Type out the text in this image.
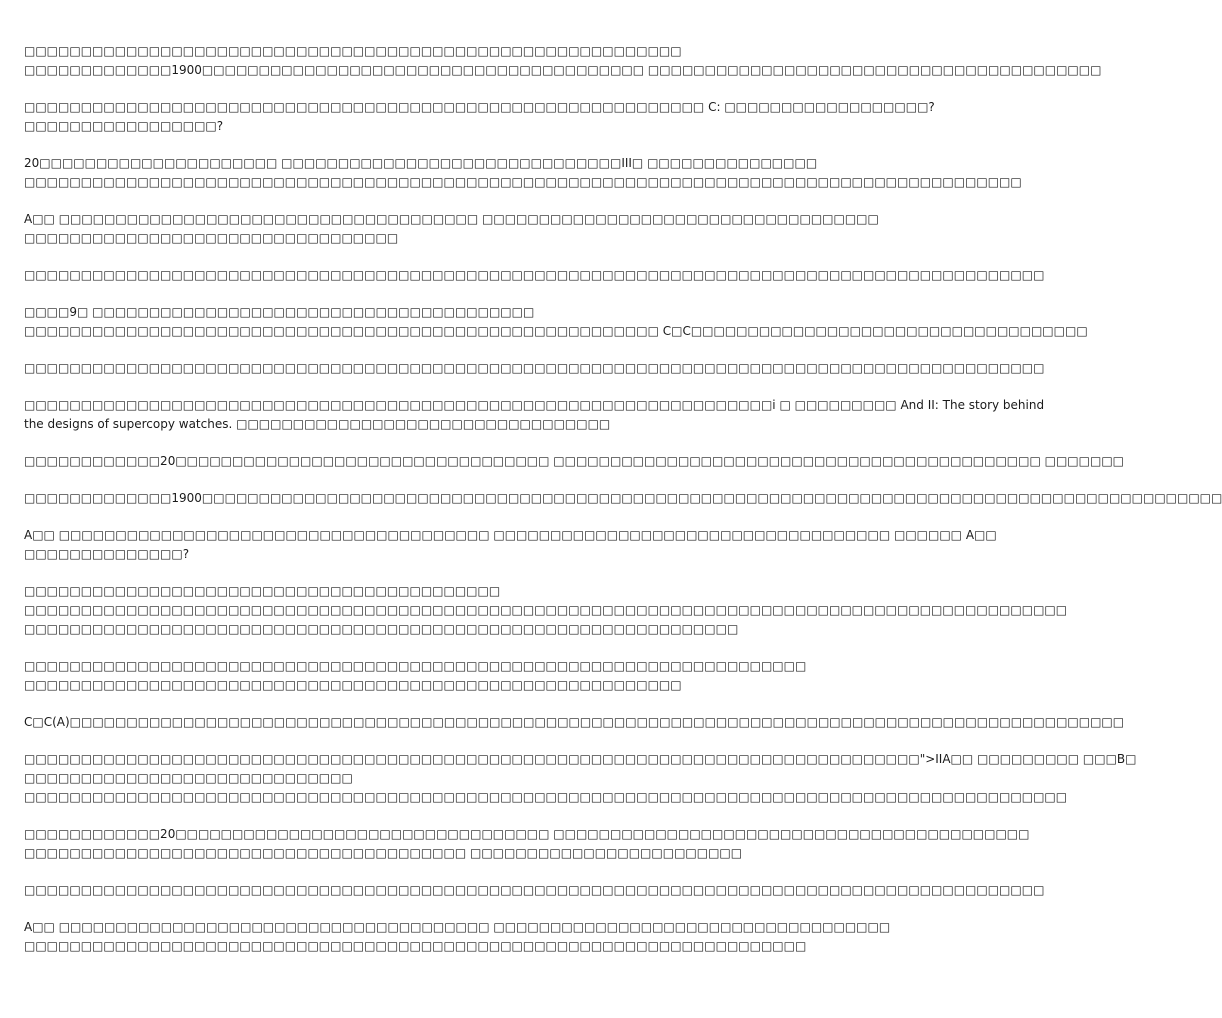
□□□□□□□□□□□□□□□□□□□□□□□□□□□□□□□□□□□□□□□□□□□□□□□□□□□□□□□□□□
□□□□□□□□□□□□□1900□□□□□□□□□□□□□□□□□□□□□□□□□□□□□□□□□□□□□□□ □□□□□□□□□□□□□□□□□□□□□□□□□□□□□□□□□□□□□□□□

□□□□□□□□□□□□□□□□□□□□□□□□□□□□□□□□□□□□□□□□□□□□□□□□□□□□□□□□□□□□ C: □□□□□□□□□□□□□□□□□□?
□□□□□□□□□□□□□□□□□?

20□□□□□□□□□□□□□□□□□□□□□ □□□□□□□□□□□□□□□□□□□□□□□□□□□□□□III□ □□□□□□□□□□□□□□□
□□□□□□□□□□□□□□□□□□□□□□□□□□□□□□□□□□□□□□□□□□□□□□□□□□□□□□□□□□□□□□□□□□□□□□□□□□□□□□□□□□□□□□□□

A□□ □□□□□□□□□□□□□□□□□□□□□□□□□□□□□□□□□□□□□ □□□□□□□□□□□□□□□□□□□□□□□□□□□□□□□□□□□
□□□□□□□□□□□□□□□□□□□□□□□□□□□□□□□□□

□□□□□□□□□□□□□□□□□□□□□□□□□□□□□□□□□□□□□□□□□□□□□□□□□□□□□□□□□□□□□□□□□□□□□□□□□□□□□□□□□□□□□□□□□□

□□□□9□ □□□□□□□□□□□□□□□□□□□□□□□□□□□□□□□□□□□□□□□
□□□□□□□□□□□□□□□□□□□□□□□□□□□□□□□□□□□□□□□□□□□□□□□□□□□□□□□□ C□C□□□□□□□□□□□□□□□□□□□□□□□□□□□□□□□□□□□

□□□□□□□□□□□□□□□□□□□□□□□□□□□□□□□□□□□□□□□□□□□□□□□□□□□□□□□□□□□□□□□□□□□□□□□□□□□□□□□□□□□□□□□□□□

□□□□□□□□□□□□□□□□□□□□□□□□□□□□□□□□□□□□□□□□□□□□□□□□□□□□□□□□□□□□□□□□□□i □ □□□□□□□□□ And II: The story behind
the designs of supercopy watches. □□□□□□□□□□□□□□□□□□□□□□□□□□□□□□□□□

□□□□□□□□□□□□20□□□□□□□□□□□□□□□□□□□□□□□□□□□□□□□□□ □□□□□□□□□□□□□□□□□□□□□□□□□□□□□□□□□□□□□□□□□□□ □□□□□□□

□□□□□□□□□□□□□1900□□□□□□□□□□□□□□□□□□□□□□□□□□□□□□□□□□□□□□□□□□□□□□□□□□□□□□□□□□□□□□□□□□□□□□□□□□□□□□□□□□□□□□□□□□

A□□ □□□□□□□□□□□□□□□□□□□□□□□□□□□□□□□□□□□□□□ □□□□□□□□□□□□□□□□□□□□□□□□□□□□□□□□□□□ □□□□□□ A□□
□□□□□□□□□□□□□□?

□□□□□□□□□□□□□□□□□□□□□□□□□□□□□□□□□□□□□□□□□□
□□□□□□□□□□□□□□□□□□□□□□□□□□□□□□□□□□□□□□□□□□□□□□□□□□□□□□□□□□□□□□□□□□□□□□□□□□□□□□□□□□□□□□□□□□□□
□□□□□□□□□□□□□□□□□□□□□□□□□□□□□□□□□□□□□□□□□□□□□□□□□□□□□□□□□□□□□□□

□□□□□□□□□□□□□□□□□□□□□□□□□□□□□□□□□□□□□□□□□□□□□□□□□□□□□□□□□□□□□□□□□□□□□
□□□□□□□□□□□□□□□□□□□□□□□□□□□□□□□□□□□□□□□□□□□□□□□□□□□□□□□□□□

C□C(A)□□□□□□□□□□□□□□□□□□□□□□□□□□□□□□□□□□□□□□□□□□□□□□□□□□□□□□□□□□□□□□□□□□□□□□□□□□□□□□□□□□□□□□□□□□□□□

□□□□□□□□□□□□□□□□□□□□□□□□□□□□□□□□□□□□□□□□□□□□□□□□□□□□□□□□□□□□□□□□□□□□□□□□□□□□□□□">IIA□□ □□□□□□□□□ □□□B□
□□□□□□□□□□□□□□□□□□□□□□□□□□□□□
□□□□□□□□□□□□□□□□□□□□□□□□□□□□□□□□□□□□□□□□□□□□□□□□□□□□□□□□□□□□□□□□□□□□□□□□□□□□□□□□□□□□□□□□□□□□

□□□□□□□□□□□□20□□□□□□□□□□□□□□□□□□□□□□□□□□□□□□□□□ □□□□□□□□□□□□□□□□□□□□□□□□□□□□□□□□□□□□□□□□□□
□□□□□□□□□□□□□□□□□□□□□□□□□□□□□□□□□□□□□□□ □□□□□□□□□□□□□□□□□□□□□□□□

□□□□□□□□□□□□□□□□□□□□□□□□□□□□□□□□□□□□□□□□□□□□□□□□□□□□□□□□□□□□□□□□□□□□□□□□□□□□□□□□□□□□□□□□□□

A□□ □□□□□□□□□□□□□□□□□□□□□□□□□□□□□□□□□□□□□□ □□□□□□□□□□□□□□□□□□□□□□□□□□□□□□□□□□□
□□□□□□□□□□□□□□□□□□□□□□□□□□□□□□□□□□□□□□□□□□□□□□□□□□□□□□□□□□□□□□□□□□□□□
